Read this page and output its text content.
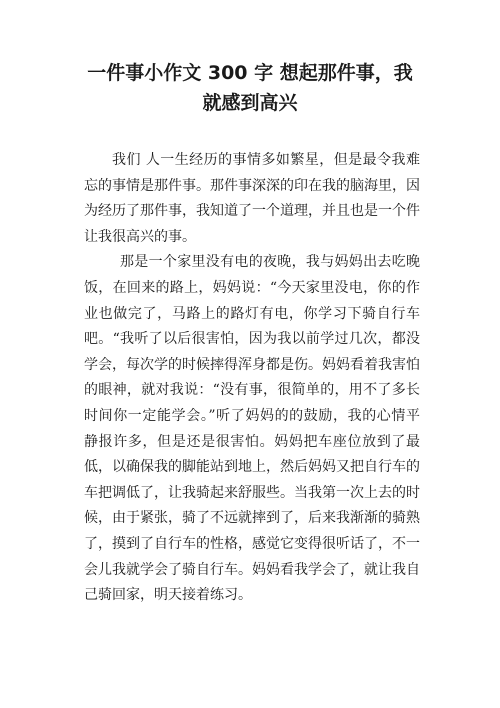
一件事小作文 300 字 想起那件事，我
就感到高兴

我们 人一生经历的事情多如繁星，但是最令我难忘的事情是那件事。那件事深深的印在我的脑海里，因为经历了那件事，我知道了一个道理，并且也是一个件让我很高兴的事。

那是一个家里没有电的夜晚，我与妈妈出去吃晚饭，在回来的路上，妈妈说：“今天家里没电，你的作业也做完了，马路上的路灯有电，你学习下骑自行车吧。“我听了以后很害怕，因为我以前学过几次，都没学会，每次学的时候摔得浑身都是伤。妈妈看着我害怕的眼神，就对我说：“没有事，很简单的，用不了多长时间你一定能学会。”听了妈妈的的鼓励，我的心情平静报许多，但是还是很害怕。妈妈把车座位放到了最低，以确保我的脚能站到地上，然后妈妈又把自行车的车把调低了，让我骑起来舒服些。当我第一次上去的时候，由于紧张，骑了不远就摔到了，后来我渐渐的骑熟了，摸到了自行车的性格，感觉它变得很听话了，不一会儿我就学会了骑自行车。妈妈看我学会了，就让我自己骑回家，明天接着练习。
